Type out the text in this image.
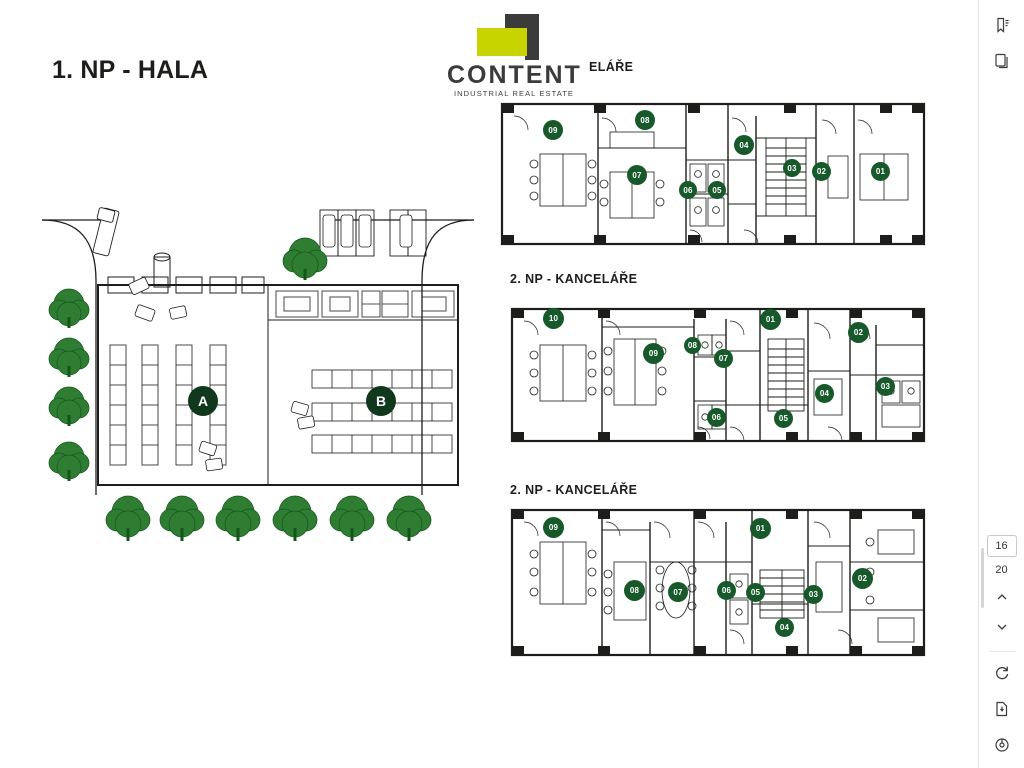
1. NP - HALA	CONTENT
INDUSTRIAL REAL ESTATE
ELÁŘE
2. NP - KANCELÁŘE
2. NP - KANCELÁŘE
A	B
09
08
07
06	05
04
03	02	01
10
09
08
07
06	05
04
03
02
01
09
08	07	06	05
04
03
02
01
16
20
